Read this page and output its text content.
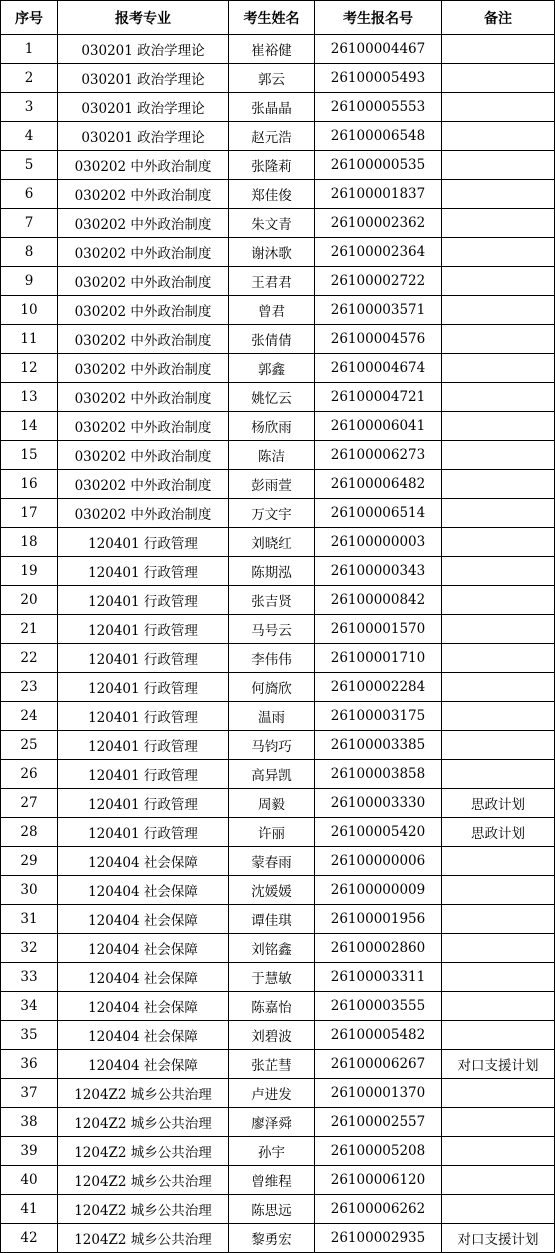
序号	报考专业	考生姓名	考生报名号	备注
1	030201 政治学理论	崔裕健	26100004467	
2	030201 政治学理论	郭云	26100005493	
3	030201 政治学理论	张晶晶	26100005553	
4	030201 政治学理论	赵元浩	26100006548	
5	030202 中外政治制度	张隆莉	26100000535	
6	030202 中外政治制度	郑佳俊	26100001837	
7	030202 中外政治制度	朱文青	26100002362	
8	030202 中外政治制度	谢沐歌	26100002364	
9	030202 中外政治制度	王君君	26100002722	
10	030202 中外政治制度	曾君	26100003571	
11	030202 中外政治制度	张倩倩	26100004576	
12	030202 中外政治制度	郭鑫	26100004674	
13	030202 中外政治制度	姚忆云	26100004721	
14	030202 中外政治制度	杨欣雨	26100006041	
15	030202 中外政治制度	陈洁	26100006273	
16	030202 中外政治制度	彭雨萱	26100006482	
17	030202 中外政治制度	万文宇	26100006514	
18	120401 行政管理	刘晓红	26100000003	
19	120401 行政管理	陈期泓	26100000343	
20	120401 行政管理	张吉贤	26100000842	
21	120401 行政管理	马号云	26100001570	
22	120401 行政管理	李伟伟	26100001710	
23	120401 行政管理	何旖欣	26100002284	
24	120401 行政管理	温雨	26100003175	
25	120401 行政管理	马钧巧	26100003385	
26	120401 行政管理	高异凯	26100003858	
27	120401 行政管理	周毅	26100003330	思政计划
28	120401 行政管理	许丽	26100005420	思政计划
29	120404 社会保障	蒙春雨	26100000006	
30	120404 社会保障	沈媛媛	26100000009	
31	120404 社会保障	谭佳琪	26100001956	
32	120404 社会保障	刘铭鑫	26100002860	
33	120404 社会保障	于慧敏	26100003311	
34	120404 社会保障	陈嘉怡	26100003555	
35	120404 社会保障	刘碧波	26100005482	
36	120404 社会保障	张芷彗	26100006267	对口支援计划
37	1204Z2 城乡公共治理	卢进发	26100001370	
38	1204Z2 城乡公共治理	廖泽舜	26100002557	
39	1204Z2 城乡公共治理	孙宇	26100005208	
40	1204Z2 城乡公共治理	曾维程	26100006120	
41	1204Z2 城乡公共治理	陈思远	26100006262	
42	1204Z2 城乡公共治理	黎勇宏	26100002935	对口支援计划
